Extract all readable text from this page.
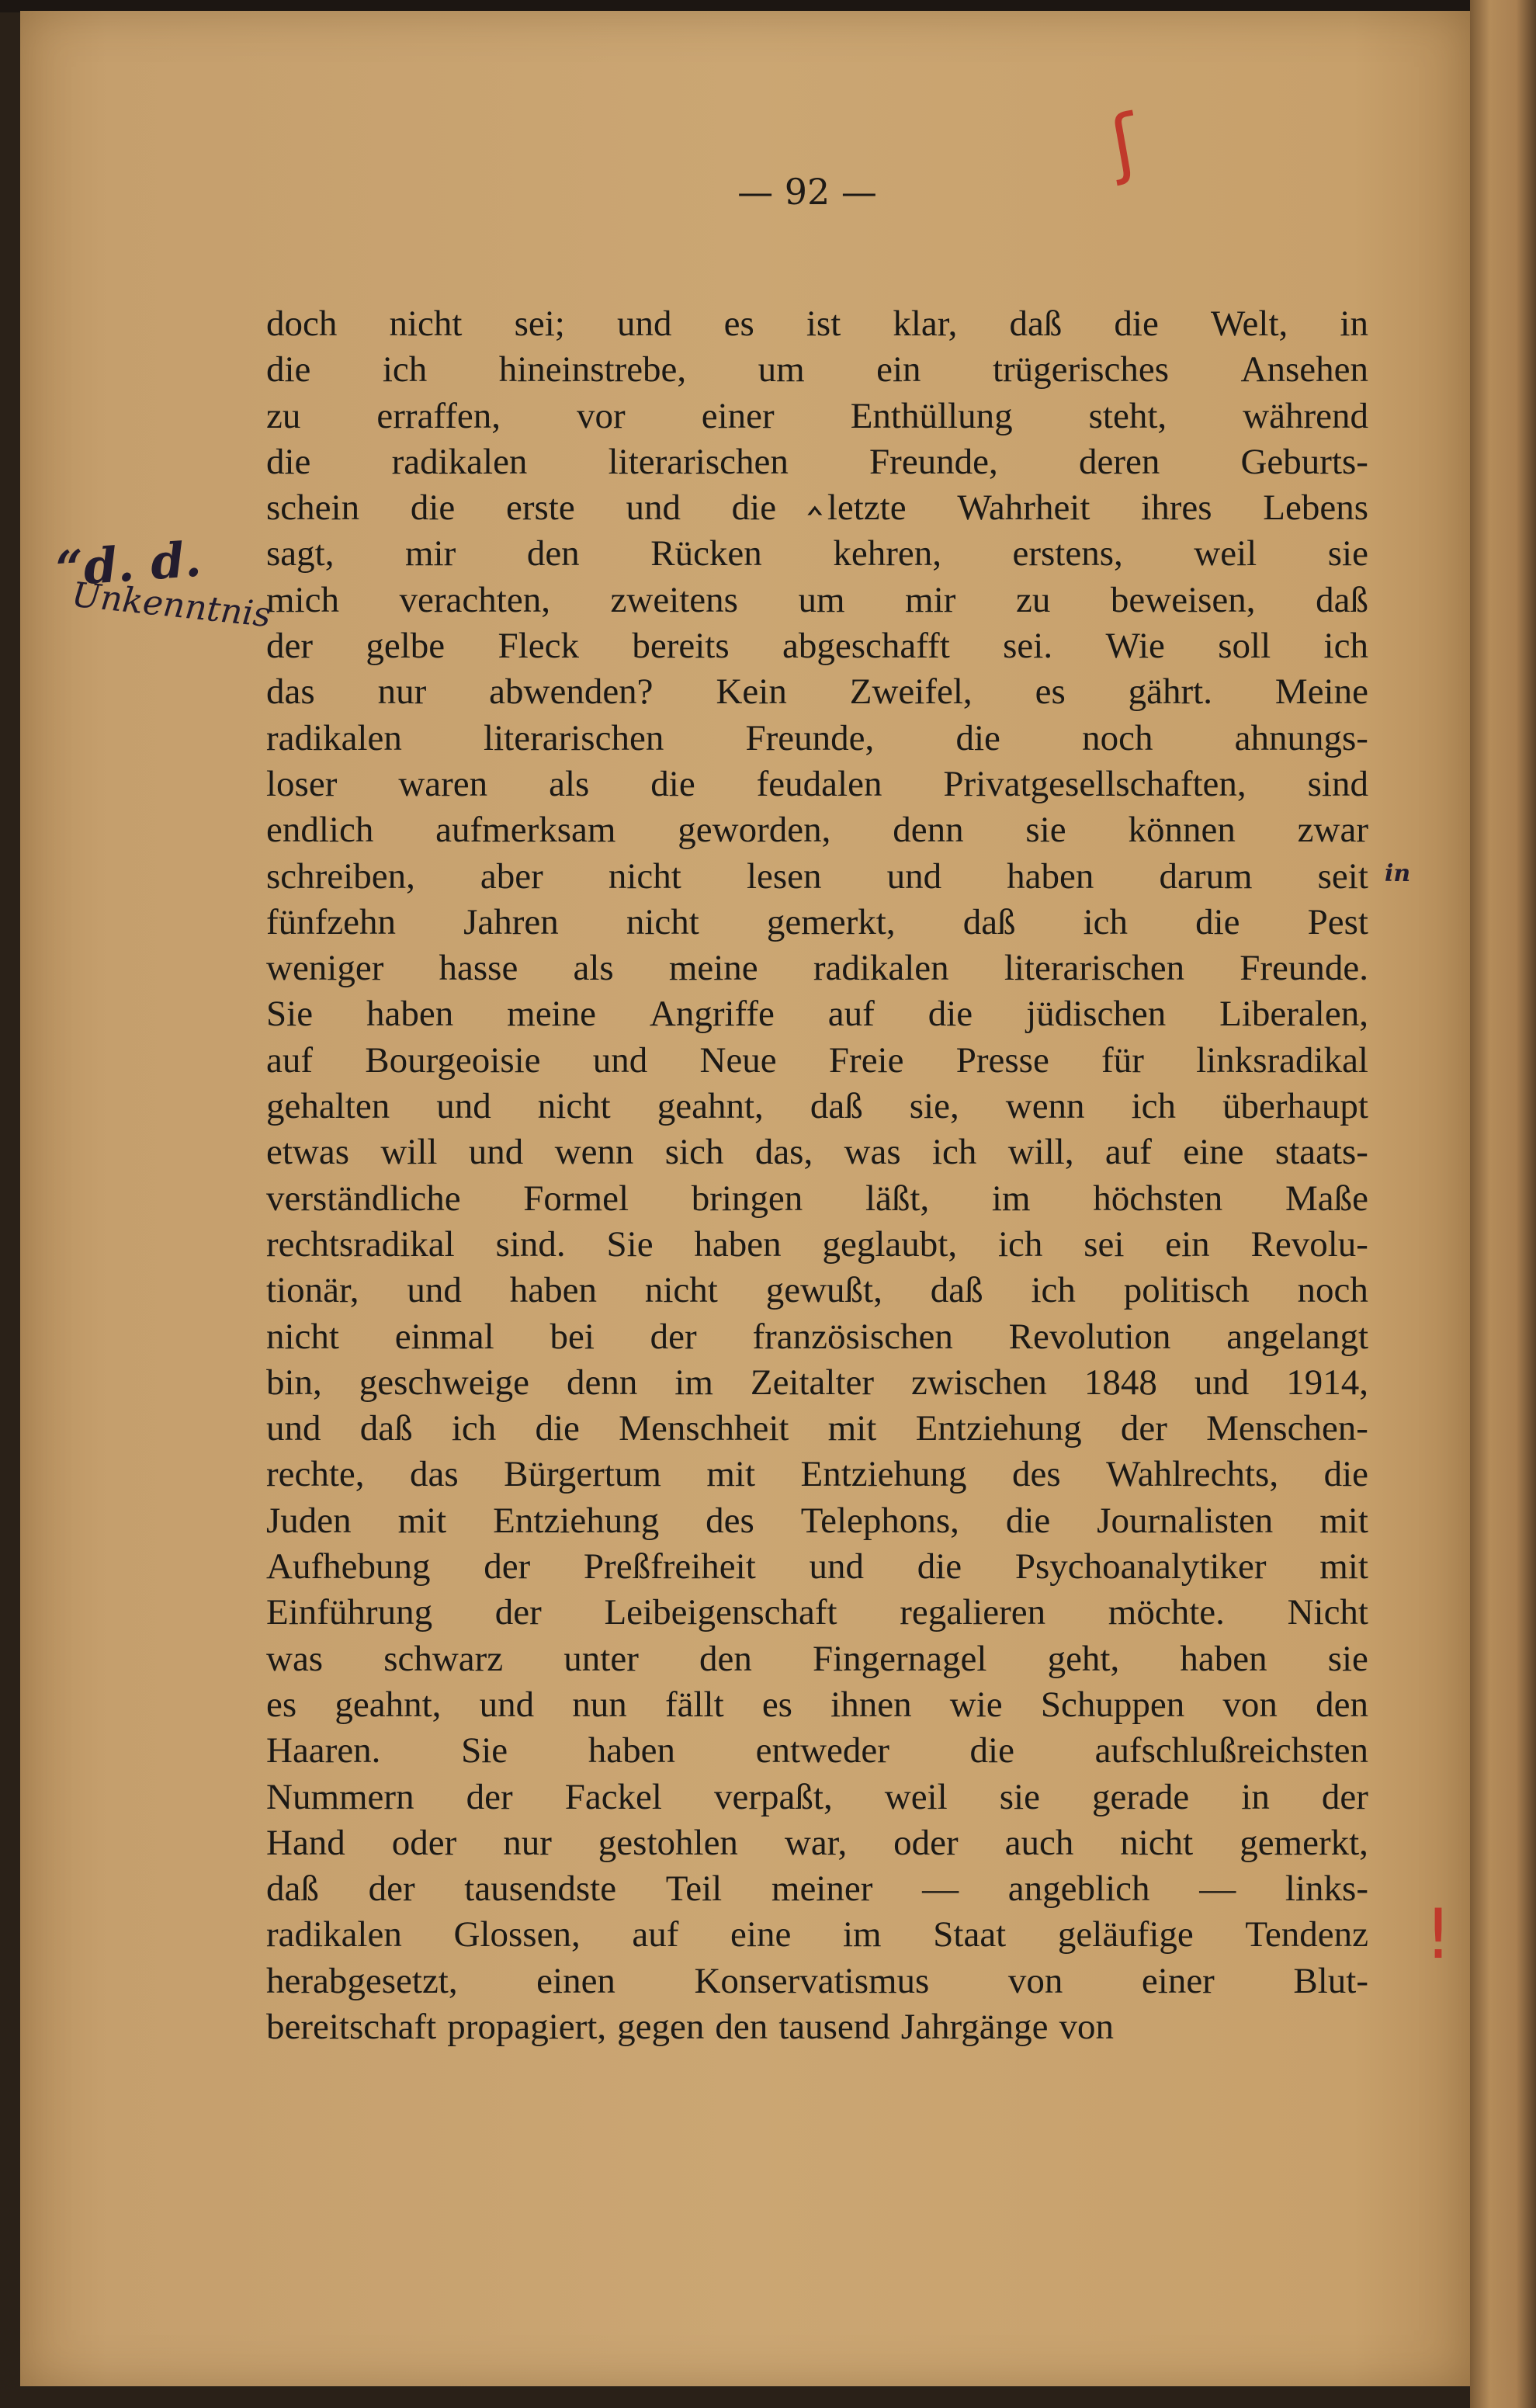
ʃ
— 92 —
doch nicht sei; und es ist klar, daß die Welt, in
die ich hineinstrebe, um ein trügerisches Ansehen
zu erraffen, vor einer Enthüllung steht, während
die radikalen literarischen Freunde, deren Geburts-
schein die erste und die letzte Wahrheit ihres Lebens
sagt, mir den Rücken kehren, erstens, weil sie
mich verachten, zweitens um mir zu beweisen, daß
der gelbe Fleck bereits abgeschafft sei. Wie soll ich
das nur abwenden? Kein Zweifel, es gährt. Meine
radikalen literarischen Freunde, die noch ahnungs-
loser waren als die feudalen Privatgesellschaften, sind
endlich aufmerksam geworden, denn sie können zwar
schreiben, aber nicht lesen und haben darum seit
fünfzehn Jahren nicht gemerkt, daß ich die Pest
weniger hasse als meine radikalen literarischen Freunde.
Sie haben meine Angriffe auf die jüdischen Liberalen,
auf Bourgeoisie und Neue Freie Presse für linksradikal
gehalten und nicht geahnt, daß sie, wenn ich überhaupt
etwas will und wenn sich das, was ich will, auf eine staats-
verständliche Formel bringen läßt, im höchsten Maße
rechtsradikal sind. Sie haben geglaubt, ich sei ein Revolu-
tionär, und haben nicht gewußt, daß ich politisch noch
nicht einmal bei der französischen Revolution angelangt
bin, geschweige denn im Zeitalter zwischen 1848 und 1914,
und daß ich die Menschheit mit Entziehung der Menschen-
rechte, das Bürgertum mit Entziehung des Wahlrechts, die
Juden mit Entziehung des Telephons, die Journalisten mit
Aufhebung der Preßfreiheit und die Psychoanalytiker mit
Einführung der Leibeigenschaft regalieren möchte. Nicht
was schwarz unter den Fingernagel geht, haben sie
es geahnt, und nun fällt es ihnen wie Schuppen von den
Haaren. Sie haben entweder die aufschlußreichsten
Nummern der Fackel verpaßt, weil sie gerade in der
Hand oder nur gestohlen war, oder auch nicht gemerkt,
daß der tausendste Teil meiner — angeblich — links-
radikalen Glossen, auf eine im Staat geläufige Tendenz
herabgesetzt, einen Konservatismus von einer Blut-
bereitschaft propagiert, gegen den tausend Jahrgänge von
‸
“d. d.
Unkenntnis
in
ǃ
